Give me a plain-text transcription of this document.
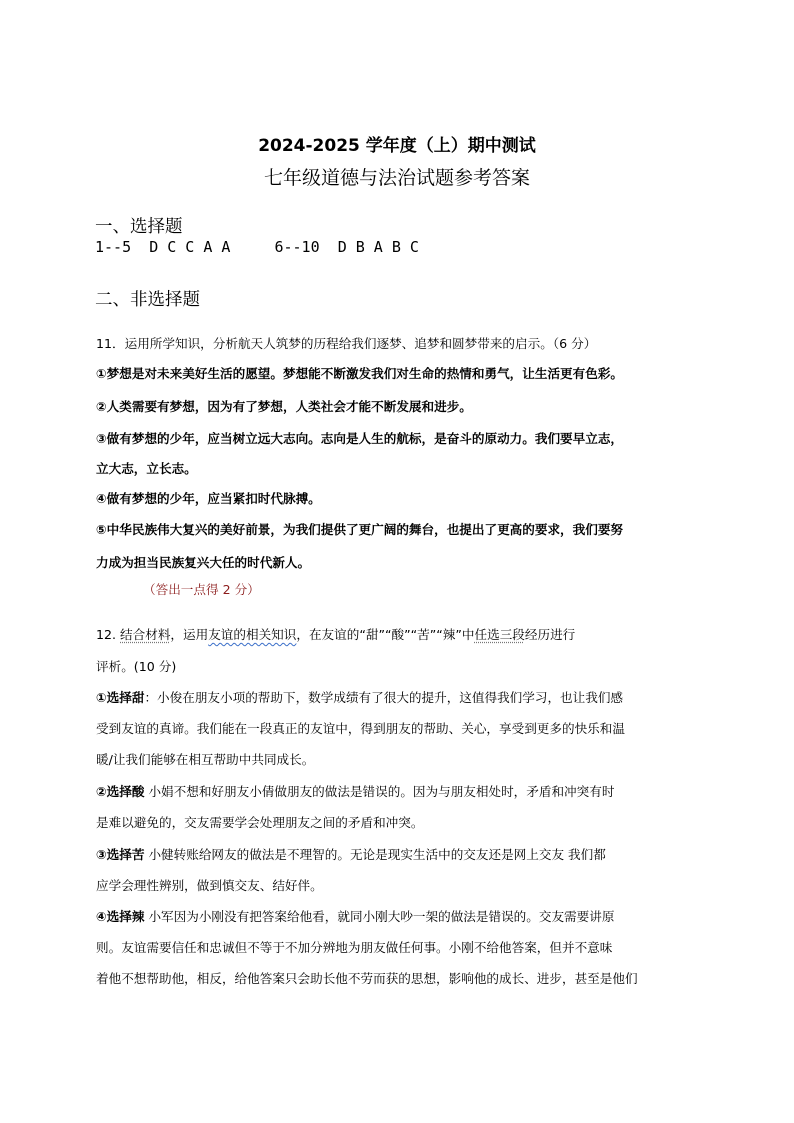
2024-2025 学年度（上）期中测试
七年级道德与法治试题参考答案
一、选择题
1--5 D C C A A	6--10 D B A B C
二、非选择题
11．运用所学知识，分析航天人筑梦的历程给我们逐梦、追梦和圆梦带来的启示。（6 分）
①梦想是对未来美好生活的愿望。梦想能不断激发我们对生命的热情和勇气，让生活更有色彩。
②人类需要有梦想，因为有了梦想，人类社会才能不断发展和进步。
③做有梦想的少年，应当树立远大志向。志向是人生的航标，是奋斗的原动力。我们要早立志，
立大志，立长志。
④做有梦想的少年，应当紧扣时代脉搏。
⑤中华民族伟大复兴的美好前景，为我们提供了更广阔的舞台，也提出了更高的要求，我们要努
力成为担当民族复兴大任的时代新人。
（答出一点得 2 分）
12. 结合材料，运用友谊的相关知识，在友谊的“甜”“酸”“苦”“辣”中任选三段经历进行
评析。(10 分)
①选择甜：小俊在朋友小项的帮助下，数学成绩有了很大的提升，这值得我们学习，也让我们感
受到友谊的真谛。我们能在一段真正的友谊中，得到朋友的帮助、关心，享受到更多的快乐和温
暖/让我们能够在相互帮助中共同成长。
②选择酸 小娟不想和好朋友小倩做朋友的做法是错误的。因为与朋友相处时，矛盾和冲突有时
是难以避免的，交友需要学会处理朋友之间的矛盾和冲突。
③选择苦 小健转账给网友的做法是不理智的。无论是现实生活中的交友还是网上交友 我们都
应学会理性辨别，做到慎交友、结好伴。
④选择辣 小军因为小刚没有把答案给他看，就同小刚大吵一架的做法是错误的。交友需要讲原
则。友谊需要信任和忠诚但不等于不加分辨地为朋友做任何事。小刚不给他答案，但并不意味
着他不想帮助他，相反，给他答案只会助长他不劳而获的思想，影响他的成长、进步，甚至是他们
